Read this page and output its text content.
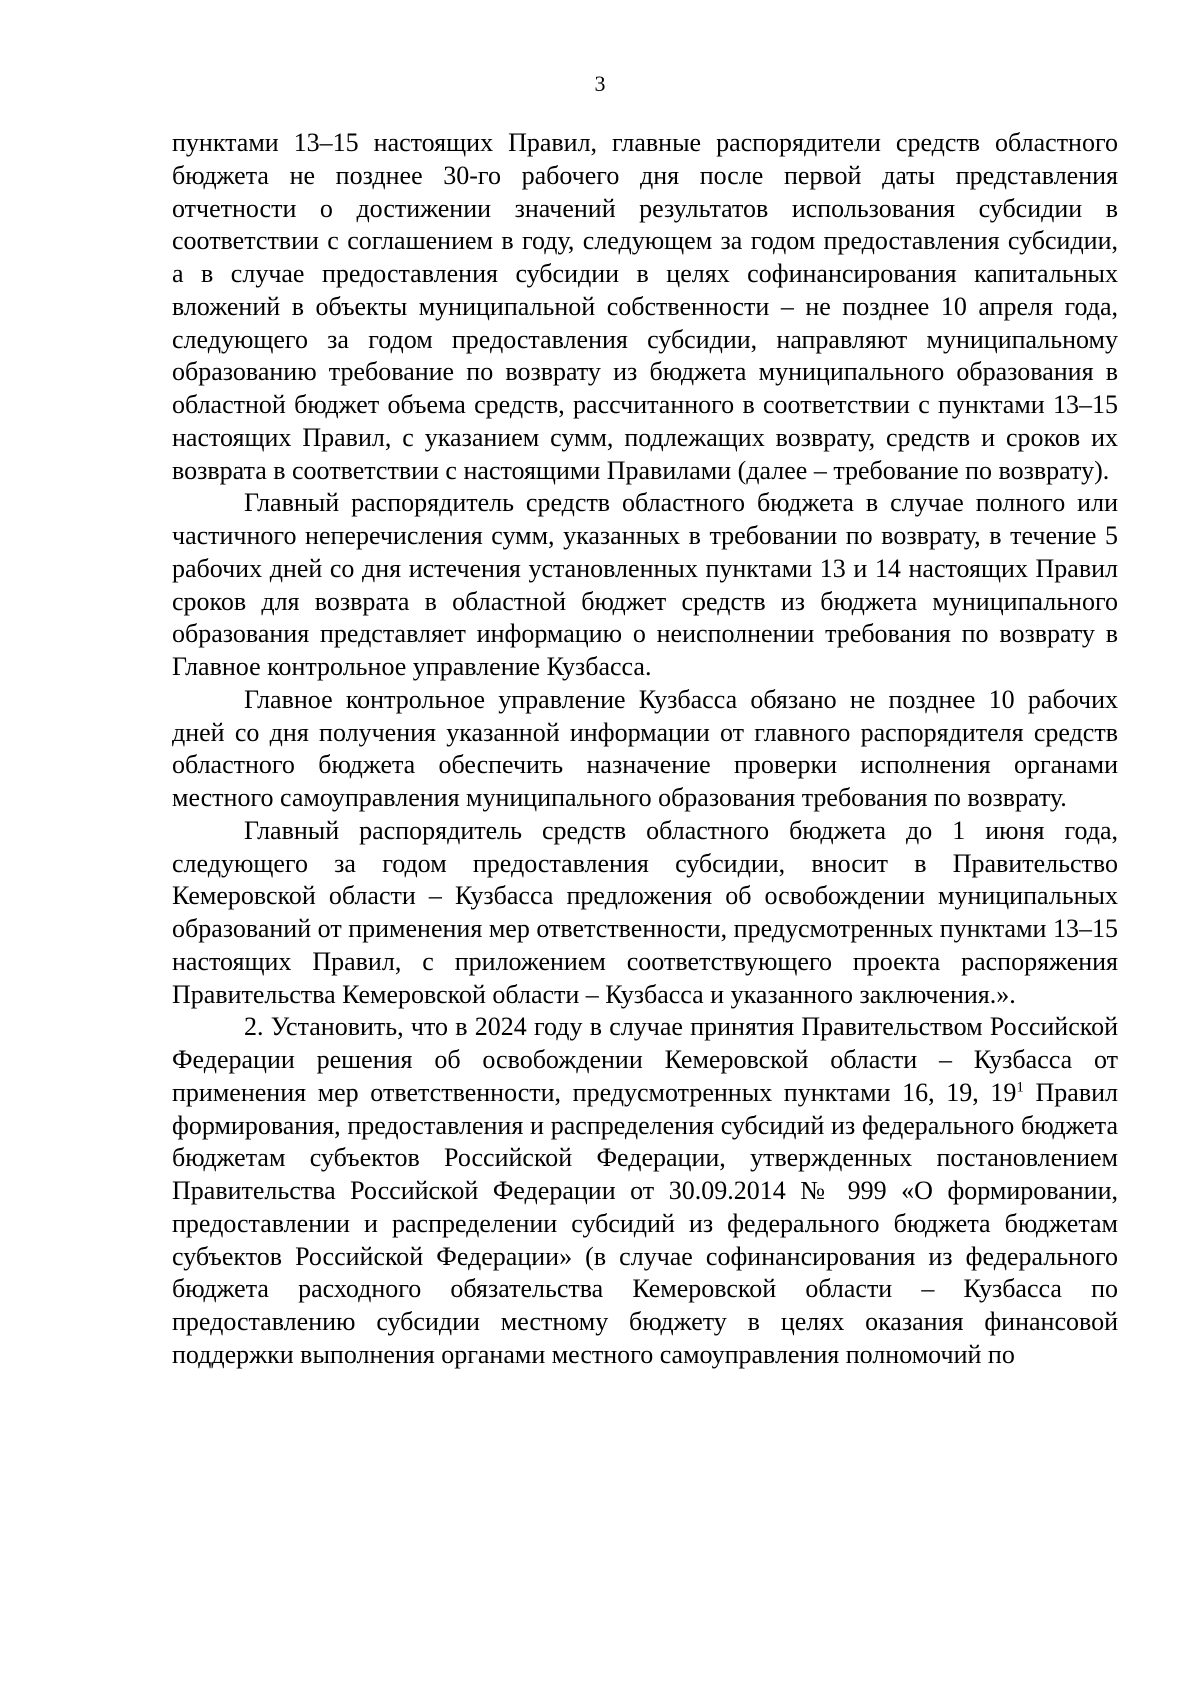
3

пунктами 13–15 настоящих Правил, главные распорядители средств областного бюджета не позднее 30-го рабочего дня после первой даты представления отчетности о достижении значений результатов использования субсидии в соответствии с соглашением в году, следующем за годом предоставления субсидии, а в случае предоставления субсидии в целях софинансирования капитальных вложений в объекты муниципальной собственности – не позднее 10 апреля года, следующего за годом предоставления субсидии, направляют муниципальному образованию требование по возврату из бюджета муниципального образования в областной бюджет объема средств, рассчитанного в соответствии с пунктами 13–15 настоящих Правил, с указанием сумм, подлежащих возврату, средств и сроков их возврата в соответствии с настоящими Правилами (далее – требование по возврату).

Главный распорядитель средств областного бюджета в случае полного или частичного неперечисления сумм, указанных в требовании по возврату, в течение 5 рабочих дней со дня истечения установленных пунктами 13 и 14 настоящих Правил сроков для возврата в областной бюджет средств из бюджета муниципального образования представляет информацию о неисполнении требования по возврату в Главное контрольное управление Кузбасса.

Главное контрольное управление Кузбасса обязано не позднее 10 рабочих дней со дня получения указанной информации от главного распорядителя средств областного бюджета обеспечить назначение проверки исполнения органами местного самоуправления муниципального образования требования по возврату.

Главный распорядитель средств областного бюджета до 1 июня года, следующего за годом предоставления субсидии, вносит в Правительство Кемеровской области – Кузбасса предложения об освобождении муниципальных образований от применения мер ответственности, предусмотренных пунктами 13–15 настоящих Правил, с приложением соответствующего проекта распоряжения Правительства Кемеровской области – Кузбасса и указанного заключения.».

2. Установить, что в 2024 году в случае принятия Правительством Российской Федерации решения об освобождении Кемеровской области – Кузбасса от применения мер ответственности, предусмотренных пунктами 16, 19, $19^1$ Правил формирования, предоставления и распределения субсидий из федерального бюджета бюджетам субъектов Российской Федерации, утвержденных постановлением Правительства Российской Федерации от 30.09.2014 № 999 «О формировании, предоставлении и распределении субсидий из федерального бюджета бюджетам субъектов Российской Федерации» (в случае софинансирования из федерального бюджета расходного обязательства Кемеровской области – Кузбасса по предоставлению субсидии местному бюджету в целях оказания финансовой поддержки выполнения органами местного самоуправления полномочий по
